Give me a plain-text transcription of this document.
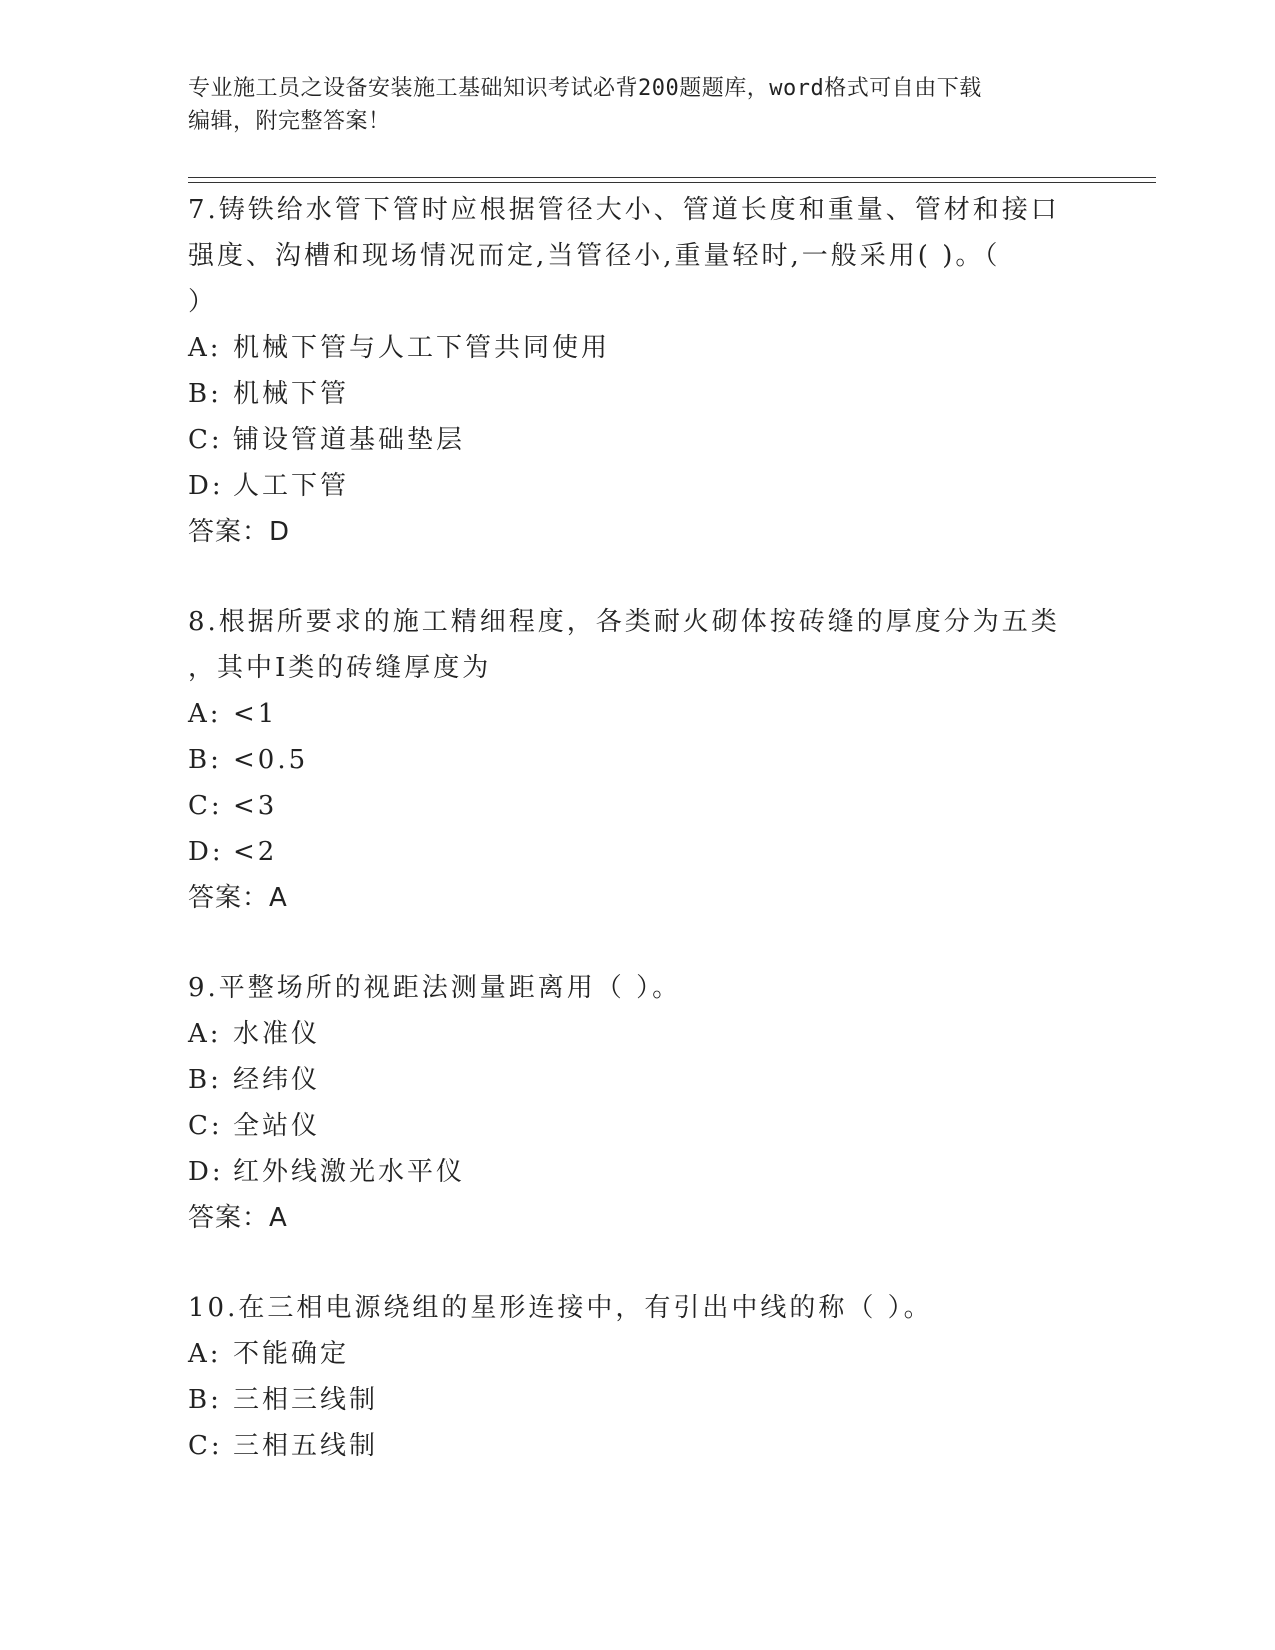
专业施工员之设备安装施工基础知识考试必背200题题库，word格式可自由下载
编辑，附完整答案！
7.铸铁给水管下管时应根据管径大小、管道长度和重量、管材和接口
强度、沟槽和现场情况而定,当管径小,重量轻时,一般采用( )。（
）
A: 机械下管与人工下管共同使用
B: 机械下管
C: 铺设管道基础垫层
D: 人工下管
答案：D
8.根据所要求的施工精细程度，各类耐火砌体按砖缝的厚度分为五类
，其中Ⅰ类的砖缝厚度为
A: <1
B: <0.5
C: <3
D: <2
答案：A
9.平整场所的视距法测量距离用（ ）。
A: 水准仪
B: 经纬仪
C: 全站仪
D: 红外线激光水平仪
答案：A
10.在三相电源绕组的星形连接中，有引出中线的称（ ）。
A: 不能确定
B: 三相三线制
C: 三相五线制
